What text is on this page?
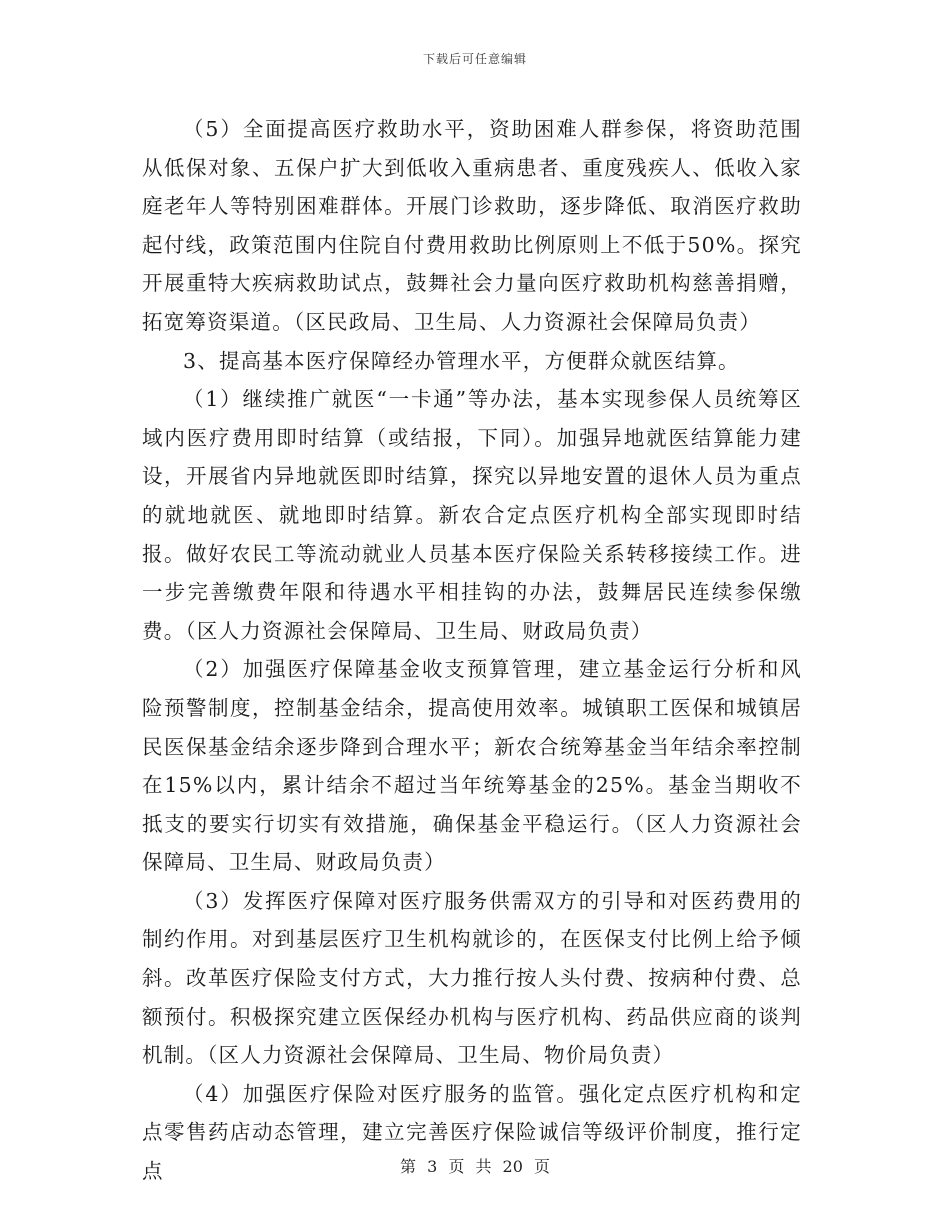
下载后可任意编辑

（5）全面提高医疗救助水平，资助困难人群参保，将资助范围从低保对象、五保户扩大到低收入重病患者、重度残疾人、低收入家庭老年人等特别困难群体。开展门诊救助，逐步降低、取消医疗救助起付线，政策范围内住院自付费用救助比例原则上不低于50%。探究开展重特大疾病救助试点，鼓舞社会力量向医疗救助机构慈善捐赠，拓宽筹资渠道。（区民政局、卫生局、人力资源社会保障局负责）

3、提高基本医疗保障经办管理水平，方便群众就医结算。

（1）继续推广就医“一卡通”等办法，基本实现参保人员统筹区域内医疗费用即时结算（或结报，下同）。加强异地就医结算能力建设，开展省内异地就医即时结算，探究以异地安置的退休人员为重点的就地就医、就地即时结算。新农合定点医疗机构全部实现即时结报。做好农民工等流动就业人员基本医疗保险关系转移接续工作。进一步完善缴费年限和待遇水平相挂钩的办法，鼓舞居民连续参保缴费。（区人力资源社会保障局、卫生局、财政局负责）

（2）加强医疗保障基金收支预算管理，建立基金运行分析和风险预警制度，控制基金结余，提高使用效率。城镇职工医保和城镇居民医保基金结余逐步降到合理水平；新农合统筹基金当年结余率控制在15%以内，累计结余不超过当年统筹基金的25%。基金当期收不抵支的要实行切实有效措施，确保基金平稳运行。（区人力资源社会保障局、卫生局、财政局负责）

（3）发挥医疗保障对医疗服务供需双方的引导和对医药费用的制约作用。对到基层医疗卫生机构就诊的，在医保支付比例上给予倾斜。改革医疗保险支付方式，大力推行按人头付费、按病种付费、总额预付。积极探究建立医保经办机构与医疗机构、药品供应商的谈判机制。（区人力资源社会保障局、卫生局、物价局负责）

（4）加强医疗保险对医疗服务的监管。强化定点医疗机构和定点零售药店动态管理，建立完善医疗保险诚信等级评价制度，推行定点	第 3 页 共 20 页
